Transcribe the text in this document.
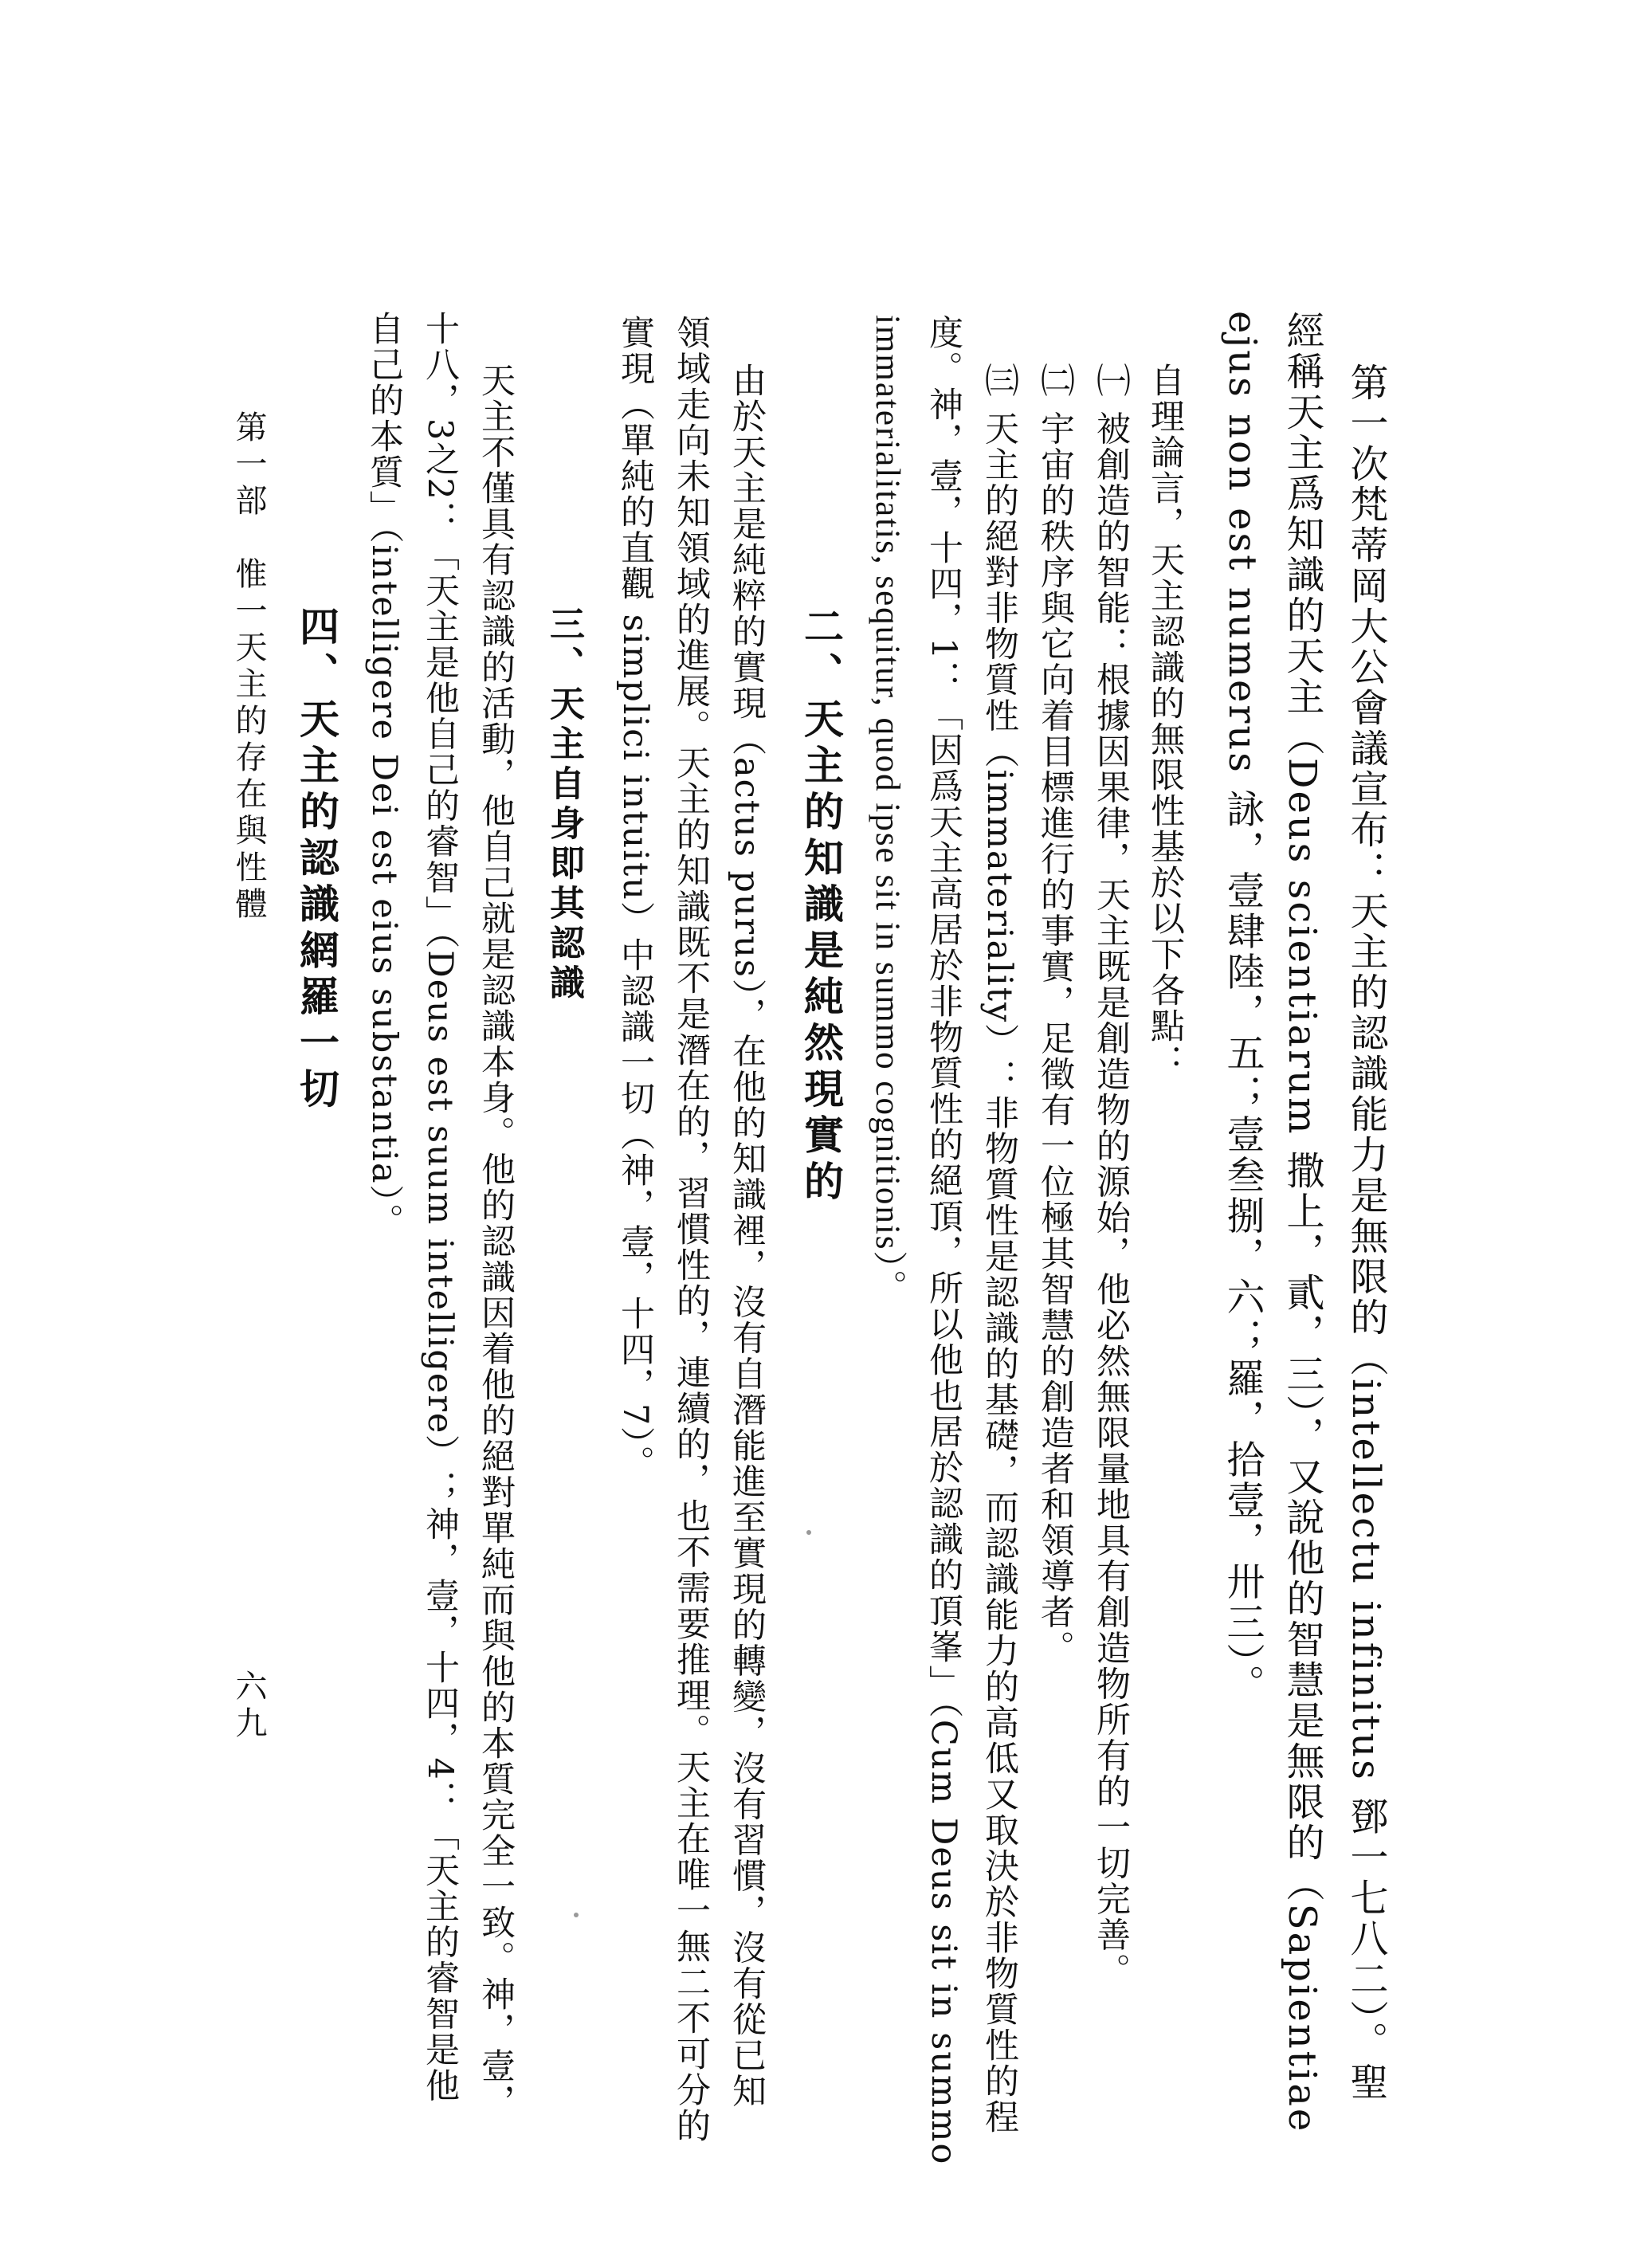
第一次梵蒂岡大公會議宣布：天主的認識能力是無限的（intellectu infinitus 鄧一七八二）。聖
經稱天主爲知識的天主（Deus scientiarum 撒上，貳，三），又說他的智慧是無限的（Sapientiae
ejus non est numerus 詠，壹肆陸，五；壹叁捌，六；羅，拾壹，卅三）。
自理論言，天主認識的無限性基於以下各點：
㈠ 被創造的智能：根據因果律，天主既是創造物的源始，他必然無限量地具有創造物所有的一切完善。
㈡ 宇宙的秩序與它向着目標進行的事實，足徵有一位極其智慧的創造者和領導者。
㈢ 天主的絕對非物質性（immateriality）：非物質性是認識的基礎，而認識能力的高低又取決於非物質性的程
度。神，壹，十四，1：「因爲天主高居於非物質性的絕頂，所以他也居於認識的頂峯」（Cum Deus sit in summo
immaterialitatis, sequitur, quod ipse sit in summo cognitionis）。
二、天主的知識是純然現實的
由於天主是純粹的實現（actus purus），在他的知識裡，沒有自潛能進至實現的轉變，沒有習慣，沒有從已知
領域走向未知領域的進展。天主的知識既不是潛在的，習慣性的，連續的，也不需要推理。天主在唯一無二不可分的
實現（單純的直觀 simplici intuitu）中認識一切（神，壹，十四，7）。
三、天主自身即其認識
天主不僅具有認識的活動，他自己就是認識本身。他的認識因着他的絕對單純而與他的本質完全一致。神，壹，
十八，3之2：「天主是他自己的睿智」（Deus est suum intelligere）；神，壹，十四，4：「天主的睿智是他
自己的本質」（intelligere Dei est eius substantia）。
四、天主的認識網羅一切
第一部　惟一天主的存在與性體
六九
